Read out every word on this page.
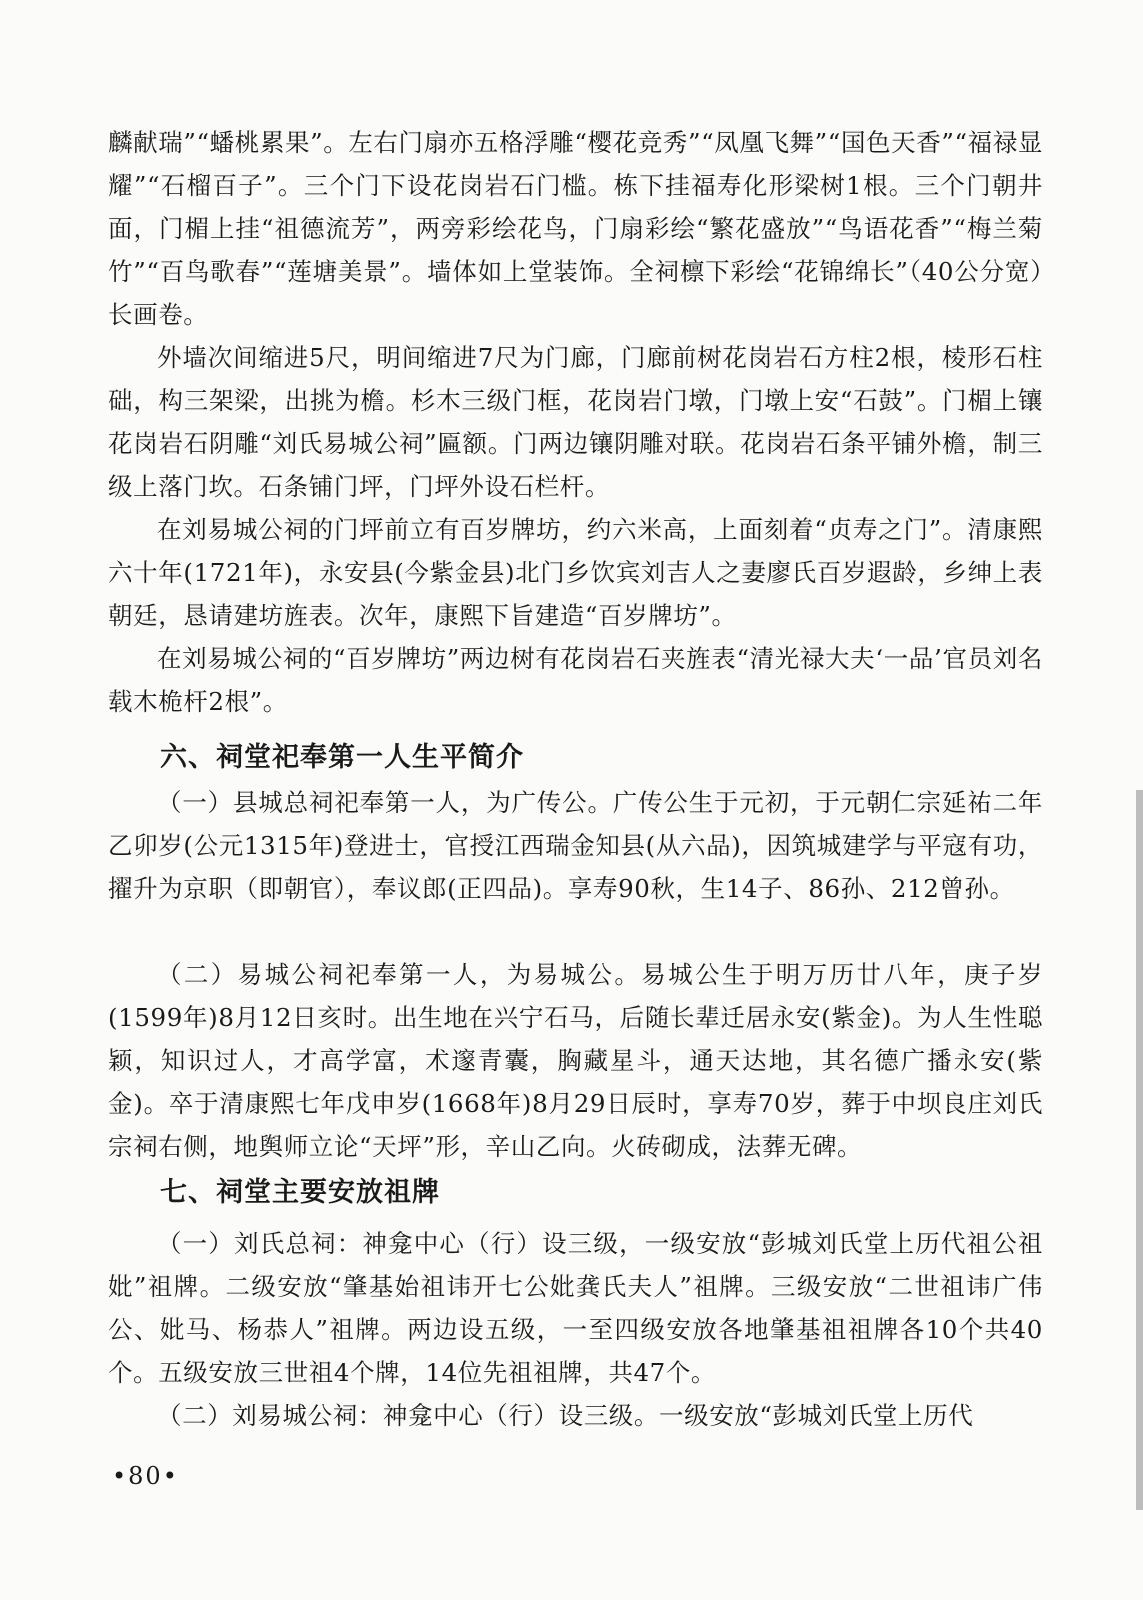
麟献瑞”“蟠桃累果”。左右门扇亦五格浮雕“樱花竞秀”“凤凰飞舞”“国色天香”“福禄显耀”“石榴百子”。三个门下设花岗岩石门槛。栋下挂福寿化形梁树1根。三个门朝井面，门楣上挂“祖德流芳”，两旁彩绘花鸟，门扇彩绘“繁花盛放”“鸟语花香”“梅兰菊竹”“百鸟歌春”“莲塘美景”。墙体如上堂装饰。全祠檩下彩绘“花锦绵长”（40公分宽）长画卷。

外墙次间缩进5尺，明间缩进7尺为门廊，门廊前树花岗岩石方柱2根，棱形石柱础，构三架梁，出挑为檐。杉木三级门框，花岗岩门墩，门墩上安“石鼓”。门楣上镶花岗岩石阴雕“刘氏易城公祠”匾额。门两边镶阴雕对联。花岗岩石条平铺外檐，制三级上落门坎。石条铺门坪，门坪外设石栏杆。

在刘易城公祠的门坪前立有百岁牌坊，约六米高，上面刻着“贞寿之门”。清康熙六十年(1721年)，永安县(今紫金县)北门乡饮宾刘吉人之妻廖氏百岁遐龄，乡绅上表朝廷，恳请建坊旌表。次年，康熙下旨建造“百岁牌坊”。

在刘易城公祠的“百岁牌坊”两边树有花岗岩石夹旌表“清光禄大夫‘一品’官员刘名载木桅杆2根”。

六、祠堂祀奉第一人生平简介

（一）县城总祠祀奉第一人，为广传公。广传公生于元初，于元朝仁宗延祐二年乙卯岁(公元1315年)登进士，官授江西瑞金知县(从六品)，因筑城建学与平寇有功，擢升为京职（即朝官），奉议郎(正四品)。享寿90秋，生14子、86孙、212曾孙。

（二）易城公祠祀奉第一人，为易城公。易城公生于明万历廿八年，庚子岁(1599年)8月12日亥时。出生地在兴宁石马，后随长辈迁居永安(紫金)。为人生性聪颖，知识过人，才高学富，术邃青囊，胸藏星斗，通天达地，其名德广播永安(紫金)。卒于清康熙七年戊申岁(1668年)8月29日辰时，享寿70岁，葬于中坝良庄刘氏宗祠右侧，地舆师立论“天坪”形，辛山乙向。火砖砌成，法葬无碑。

七、祠堂主要安放祖牌

（一）刘氏总祠：神龛中心（行）设三级，一级安放“彭城刘氏堂上历代祖公祖妣”祖牌。二级安放“肇基始祖讳开七公妣龚氏夫人”祖牌。三级安放“二世祖讳广伟公、妣马、杨恭人”祖牌。两边设五级，一至四级安放各地肇基祖祖牌各10个共40个。五级安放三世祖4个牌，14位先祖祖牌，共47个。

（二）刘易城公祠：神龛中心（行）设三级。一级安放“彭城刘氏堂上历代

•80•
